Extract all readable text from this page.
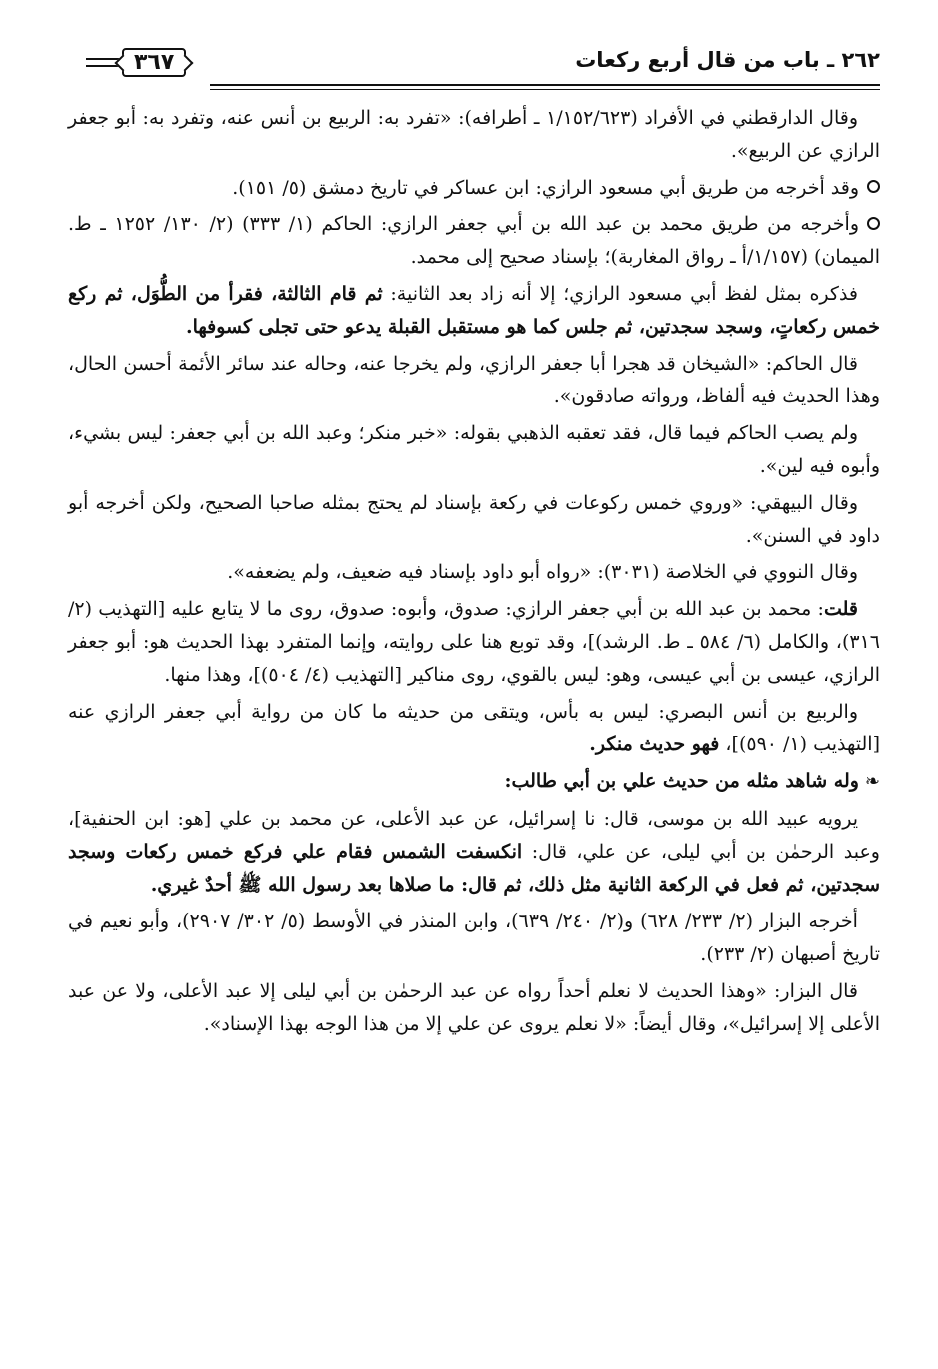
٢٦٢ ـ باب من قال أربع ركعات
٣٦٧

وقال الدارقطني في الأفراد (١/١٥٢/٦٢٣ ـ أطرافه): «تفرد به: الربيع بن أنس عنه، وتفرد به: أبو جعفر الرازي عن الربيع».

وقد أخرجه من طريق أبي مسعود الرازي: ابن عساكر في تاريخ دمشق (٥/ ١٥١).

وأخرجه من طريق محمد بن عبد الله بن أبي جعفر الرازي: الحاكم (١/ ٣٣٣) (٢/ ١٣٠/ ١٢٥٢ ـ ط. الميمان) (١/١٥٧/أ ـ رواق المغاربة)؛ بإسناد صحيح إلى محمد.

فذكره بمثل لفظ أبي مسعود الرازي؛ إلا أنه زاد بعد الثانية: ثم قام الثالثة، فقرأ من الطُّوَل، ثم ركع خمس ركعاتٍ، وسجد سجدتين، ثم جلس كما هو مستقبل القبلة يدعو حتى تجلى كسوفها.

قال الحاكم: «الشيخان قد هجرا أبا جعفر الرازي، ولم يخرجا عنه، وحاله عند سائر الأئمة أحسن الحال، وهذا الحديث فيه ألفاظ، ورواته صادقون».

ولم يصب الحاكم فيما قال، فقد تعقبه الذهبي بقوله: «خبر منكر؛ وعبد الله بن أبي جعفر: ليس بشيء، وأبوه فيه لين».

وقال البيهقي: «وروي خمس ركوعات في ركعة بإسناد لم يحتج بمثله صاحبا الصحيح، ولكن أخرجه أبو داود في السنن».

وقال النووي في الخلاصة (٣٠٣١): «رواه أبو داود بإسناد فيه ضعيف، ولم يضعفه».

قلت: محمد بن عبد الله بن أبي جعفر الرازي: صدوق، وأبوه: صدوق، روى ما لا يتابع عليه [التهذيب (٢/ ٣١٦)، والكامل (٦/ ٥٨٤ ـ ط. الرشد)]، وقد توبع هنا على روايته، وإنما المتفرد بهذا الحديث هو: أبو جعفر الرازي، عيسى بن أبي عيسى، وهو: ليس بالقوي، روى مناكير [التهذيب (٤/ ٥٠٤)]، وهذا منها.

والربيع بن أنس البصري: ليس به بأس، ويتقى من حديثه ما كان من رواية أبي جعفر الرازي عنه [التهذيب (١/ ٥٩٠)]، فهو حديث منكر.

❧وله شاهد مثله من حديث علي بن أبي طالب:

يرويه عبيد الله بن موسى، قال: نا إسرائيل، عن عبد الأعلى، عن محمد بن علي [هو: ابن الحنفية]، وعبد الرحمٰن بن أبي ليلى، عن علي، قال: انكسفت الشمس فقام علي فركع خمس ركعات وسجد سجدتين، ثم فعل في الركعة الثانية مثل ذلك، ثم قال: ما صلاها بعد رسول الله ﷺ أحدٌ غيري.

أخرجه البزار (٢/ ٢٣٣/ ٦٢٨) و(٢/ ٢٤٠/ ٦٣٩)، وابن المنذر في الأوسط (٥/ ٣٠٢/ ٢٩٠٧)، وأبو نعيم في تاريخ أصبهان (٢/ ٢٣٣).

قال البزار: «وهذا الحديث لا نعلم أحداً رواه عن عبد الرحمٰن بن أبي ليلى إلا عبد الأعلى، ولا عن عبد الأعلى إلا إسرائيل»، وقال أيضاً: «لا نعلم يروى عن علي إلا من هذا الوجه بهذا الإسناد».
